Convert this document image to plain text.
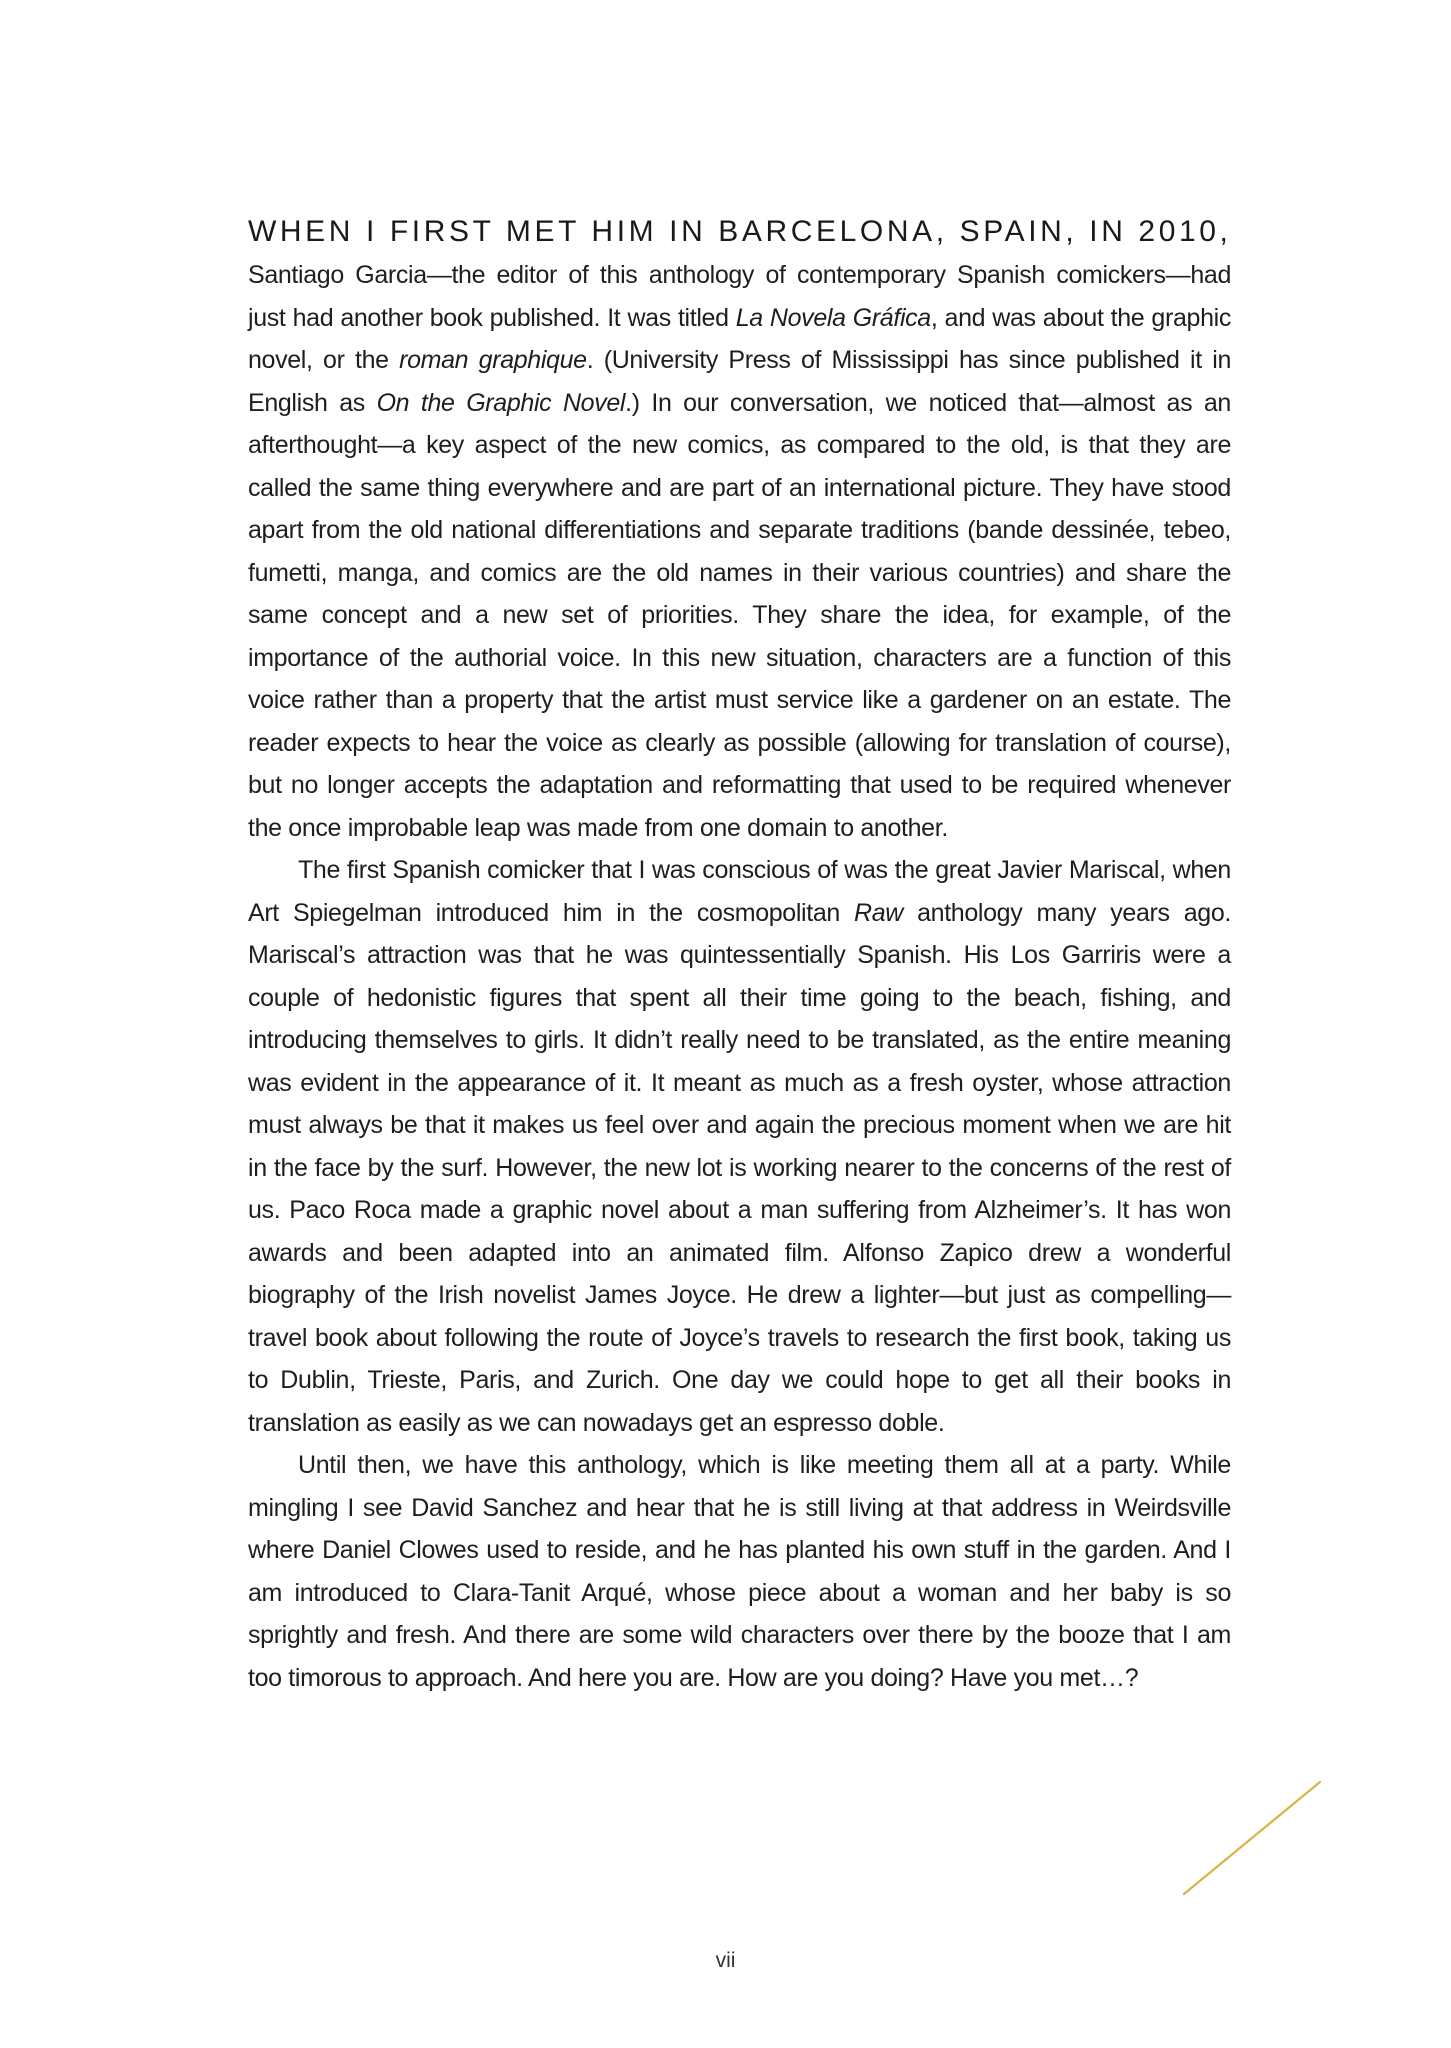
WHEN I FIRST MET HIM IN BARCELONA, SPAIN, IN 2010,

Santiago Garcia—the editor of this anthology of contemporary Spanish comickers—had just had another book published. It was titled La Novela Gráfica, and was about the graphic novel, or the roman graphique. (University Press of Mississippi has since published it in English as On the Graphic Novel.) In our conversation, we noticed that—almost as an afterthought—a key aspect of the new comics, as compared to the old, is that they are called the same thing everywhere and are part of an international picture. They have stood apart from the old national differentiations and separate traditions (bande dessinée, tebeo, fumetti, manga, and comics are the old names in their various countries) and share the same concept and a new set of priorities. They share the idea, for example, of the importance of the authorial voice. In this new situation, characters are a function of this voice rather than a property that the artist must service like a gardener on an estate. The reader expects to hear the voice as clearly as possible (allowing for translation of course), but no longer accepts the adaptation and reformatting that used to be required whenever the once improbable leap was made from one domain to another.

The first Spanish comicker that I was conscious of was the great Javier Mariscal, when Art Spiegelman introduced him in the cosmopolitan Raw anthology many years ago. Mariscal’s attraction was that he was quintessentially Spanish. His Los Garriris were a couple of hedonistic figures that spent all their time going to the beach, fishing, and introducing themselves to girls. It didn’t really need to be translated, as the entire meaning was evident in the appearance of it. It meant as much as a fresh oyster, whose attraction must always be that it makes us feel over and again the precious moment when we are hit in the face by the surf. However, the new lot is working nearer to the concerns of the rest of us. Paco Roca made a graphic novel about a man suffering from Alzheimer’s. It has won awards and been adapted into an animated film. Alfonso Zapico drew a wonderful biography of the Irish novelist James Joyce. He drew a lighter—but just as compelling—travel book about following the route of Joyce’s travels to research the first book, taking us to Dublin, Trieste, Paris, and Zurich. One day we could hope to get all their books in translation as easily as we can nowadays get an espresso doble.

Until then, we have this anthology, which is like meeting them all at a party. While mingling I see David Sanchez and hear that he is still living at that address in Weirdsville where Daniel Clowes used to reside, and he has planted his own stuff in the garden. And I am introduced to Clara-Tanit Arqué, whose piece about a woman and her baby is so sprightly and fresh. And there are some wild characters over there by the booze that I am too timorous to approach. And here you are. How are you doing? Have you met…?

vii
